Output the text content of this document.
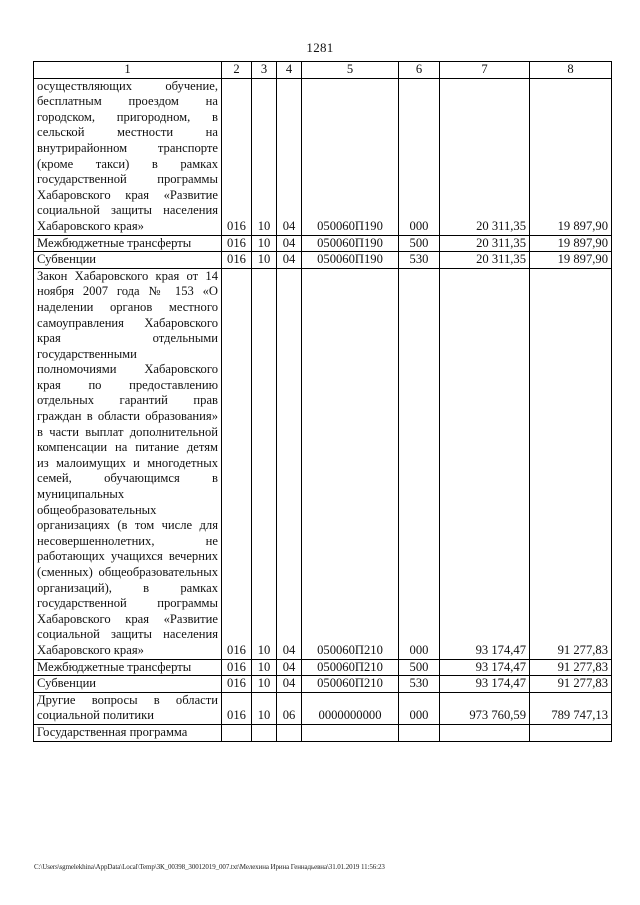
1281
1	2	3	4	5	6	7	8
осуществляющих обучение, бесплатным проездом на городском, пригородном, в сельской местности на внутрирайонном транспорте (кроме такси) в рамках государственной программы Хабаровского края «Развитие социальной защиты населения Хабаровского края»	016	10	04	050060П190	000	20 311,35	19 897,90
Межбюджетные трансферты	016	10	04	050060П190	500	20 311,35	19 897,90
Субвенции	016	10	04	050060П190	530	20 311,35	19 897,90
Закон Хабаровского края от 14 ноября 2007 года № 153 «О наделении органов местного самоуправления Хабаровского края отдельными государственными полномочиями Хабаровского края по предоставлению отдельных гарантий прав граждан в области образования» в части выплат дополнительной компенсации на питание детям из малоимущих и многодетных семей, обучающимся в муниципальных общеобразовательных организациях (в том числе для несовершеннолетних, не работающих учащихся вечерних (сменных) общеобразовательных организаций), в рамках государственной программы Хабаровского края «Развитие социальной защиты населения Хабаровского края»	016	10	04	050060П210	000	93 174,47	91 277,83
Межбюджетные трансферты	016	10	04	050060П210	500	93 174,47	91 277,83
Субвенции	016	10	04	050060П210	530	93 174,47	91 277,83
Другие вопросы в области социальной политики	016	10	06	0000000000	000	973 760,59	789 747,13
Государственная программа							
C:\Users\sgmelekhina\AppData\Local\Temp\ЗК_00398_30012019_007.txt\Мелехина Ирина Геннадьевна\31.01.2019 11:56:23
